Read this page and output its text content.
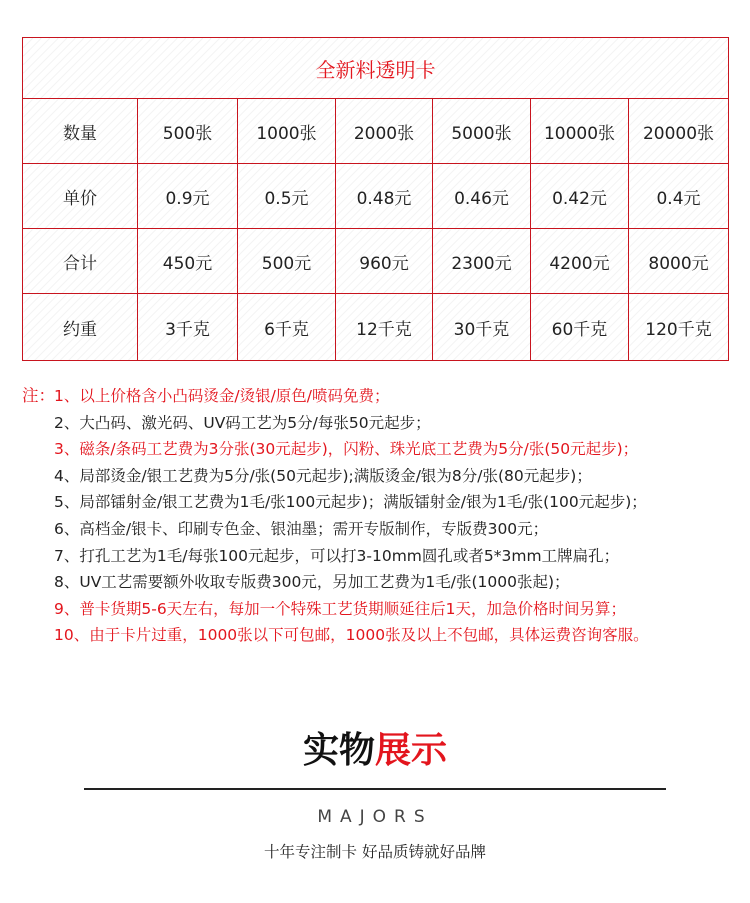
全新料透明卡						
数量	500张	1000张	2000张	5000张	10000张	20000张
单价	0.9元	0.5元	0.48元	0.46元	0.42元	0.4元
合计	450元	500元	960元	2300元	4200元	8000元
约重	3千克	6千克	12千克	30千克	60千克	120千克
注： 1、以上价格含小凸码烫金/烫银/原色/喷码免费；
2、大凸码、激光码、UV码工艺为5分/每张50元起步；
3、磁条/条码工艺费为3分张(30元起步)，闪粉、珠光底工艺费为5分/张(50元起步)；
4、局部烫金/银工艺费为5分/张(50元起步);满版烫金/银为8分/张(80元起步)；
5、局部镭射金/银工艺费为1毛/张100元起步)；满版镭射金/银为1毛/张(100元起步)；
6、高档金/银卡、印刷专色金、银油墨；需开专版制作，专版费300元；
7、打孔工艺为1毛/每张100元起步，可以打3-10mm圆孔或者5*3mm工牌扁孔；
8、UV工艺需要额外收取专版费300元，另加工艺费为1毛/张(1000张起)；
9、普卡货期5-6天左右，每加一个特殊工艺货期顺延往后1天，加急价格时间另算；
10、由于卡片过重，1000张以下可包邮，1000张及以上不包邮，具体运费咨询客服。
实物展示
MAJORS
十年专注制卡 好品质铸就好品牌
